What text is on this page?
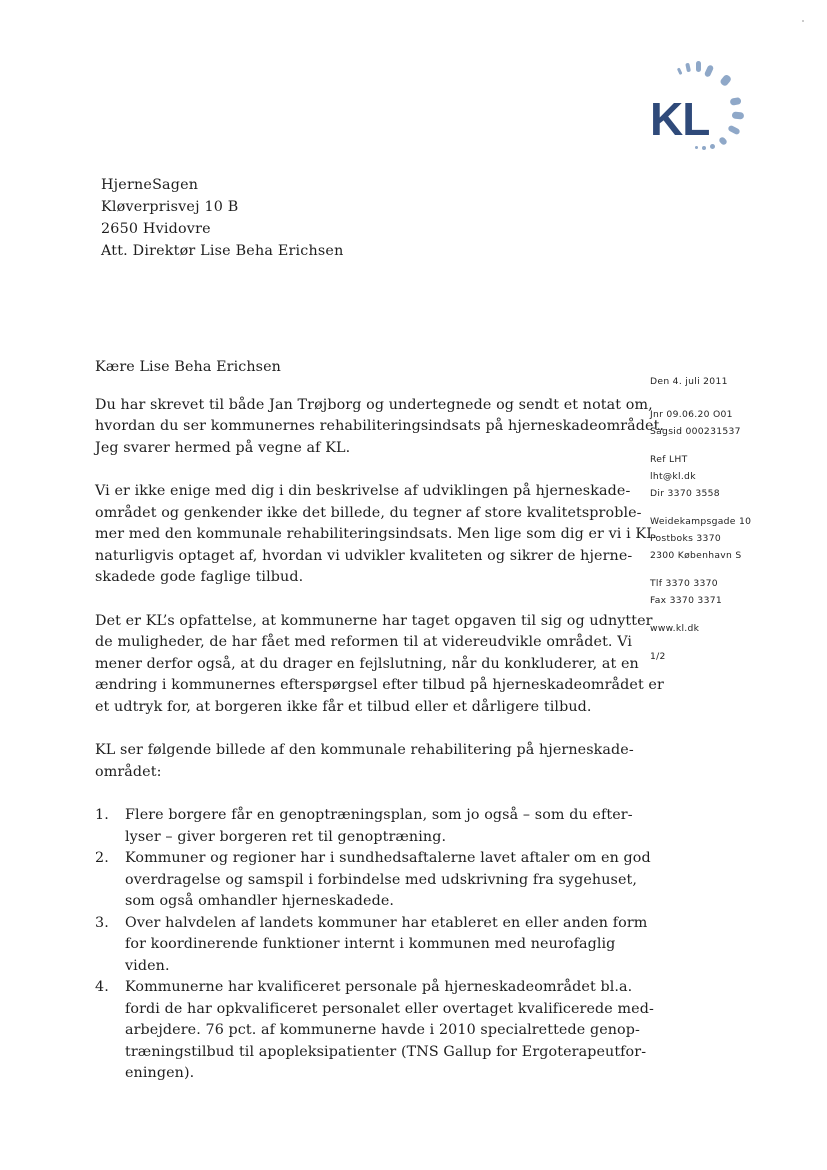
KL
HjerneSagen
Kløverprisvej 10 B
2650 Hvidovre
Att. Direktør Lise Beha Erichsen
Den 4. juli 2011
Jnr 09.06.20 O01
Sagsid 000231537
Ref LHT
lht@kl.dk
Dir 3370 3558
Weidekampsgade 10
Postboks 3370
2300 København S
Tlf 3370 3370
Fax 3370 3371
www.kl.dk
1/2
Kære Lise Beha Erichsen
Du har skrevet til både Jan Trøjborg og undertegnede og sendt et notat om,
hvordan du ser kommunernes rehabiliteringsindsats på hjerneskadeområdet.
Jeg svarer hermed på vegne af KL.
Vi er ikke enige med dig i din beskrivelse af udviklingen på hjerneskade-
området og genkender ikke det billede, du tegner af store kvalitetsproble-
mer med den kommunale rehabiliteringsindsats. Men lige som dig er vi i KL
naturligvis optaget af, hvordan vi udvikler kvaliteten og sikrer de hjerne-
skadede gode faglige tilbud.
Det er KL’s opfattelse, at kommunerne har taget opgaven til sig og udnytter
de muligheder, de har fået med reformen til at videreudvikle området. Vi
mener derfor også, at du drager en fejlslutning, når du konkluderer, at en
ændring i kommunernes efterspørgsel efter tilbud på hjerneskadeområdet er
et udtryk for, at borgeren ikke får et tilbud eller et dårligere tilbud.
KL ser følgende billede af den kommunale rehabilitering på hjerneskade-
området:
1. Flere borgere får en genoptræningsplan, som jo også – som du efter-
lyser – giver borgeren ret til genoptræning.
2. Kommuner og regioner har i sundhedsaftalerne lavet aftaler om en god
overdragelse og samspil i forbindelse med udskrivning fra sygehuset,
som også omhandler hjerneskadede.
3. Over halvdelen af landets kommuner har etableret en eller anden form
for koordinerende funktioner internt i kommunen med neurofaglig
viden.
4. Kommunerne har kvalificeret personale på hjerneskadeområdet bl.a.
fordi de har opkvalificeret personalet eller overtaget kvalificerede med-
arbejdere. 76 pct. af kommunerne havde i 2010 specialrettede genop-
træningstilbud til apopleksipatienter (TNS Gallup for Ergoterapeutfor-
eningen).
